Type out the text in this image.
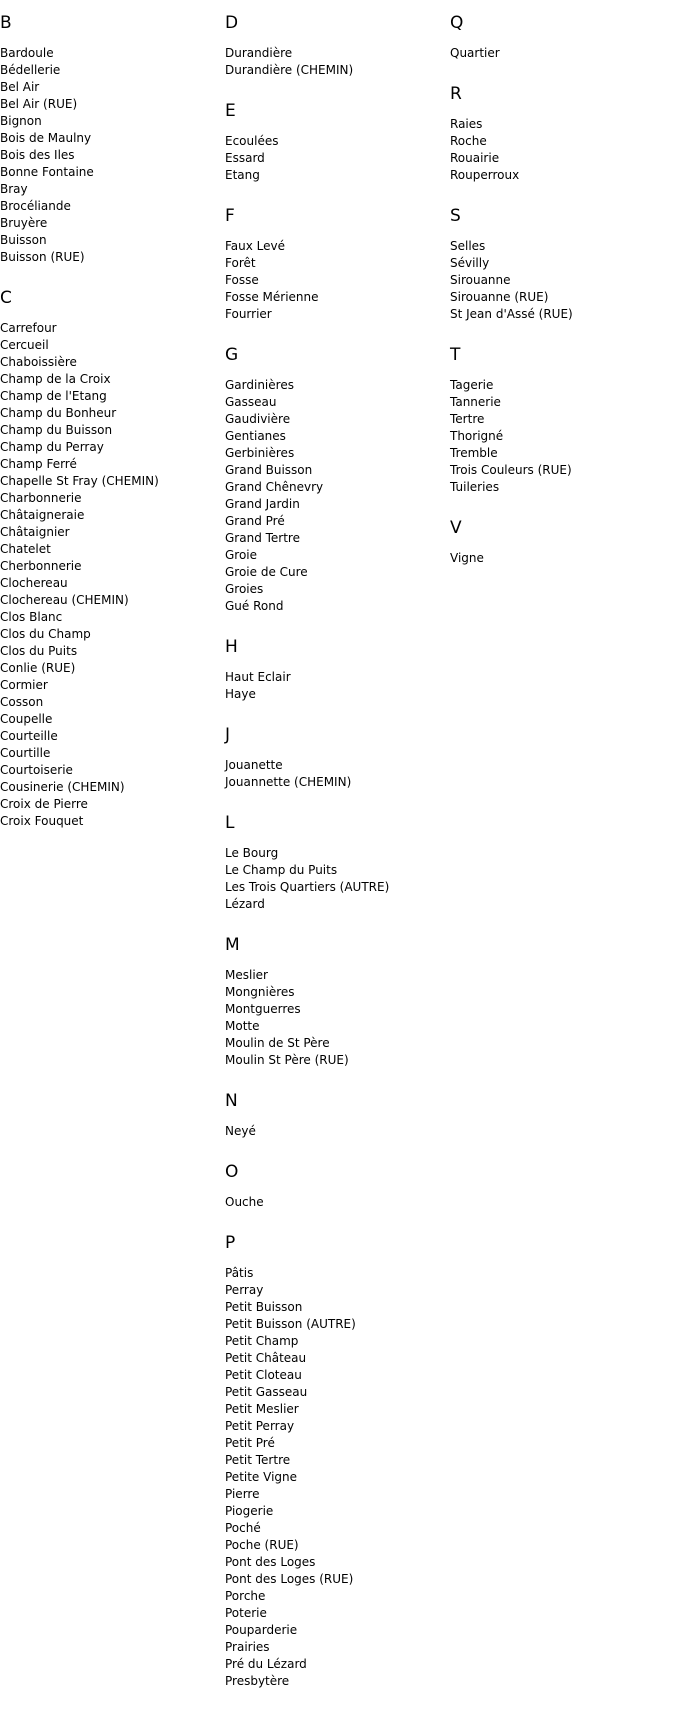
B
Bardoule
Bédellerie
Bel Air
Bel Air (RUE)
Bignon
Bois de Maulny
Bois des Iles
Bonne Fontaine
Bray
Brocéliande
Bruyère
Buisson
Buisson (RUE)
C
Carrefour
Cercueil
Chaboissière
Champ de la Croix
Champ de l'Etang
Champ du Bonheur
Champ du Buisson
Champ du Perray
Champ Ferré
Chapelle St Fray (CHEMIN)
Charbonnerie
Châtaigneraie
Châtaignier
Chatelet
Cherbonnerie
Clochereau
Clochereau (CHEMIN)
Clos Blanc
Clos du Champ
Clos du Puits
Conlie (RUE)
Cormier
Cosson
Coupelle
Courteille
Courtille
Courtoiserie
Cousinerie (CHEMIN)
Croix de Pierre
Croix Fouquet
D
Durandière
Durandière (CHEMIN)
E
Ecoulées
Essard
Etang
F
Faux Levé
Forêt
Fosse
Fosse Mérienne
Fourrier
G
Gardinières
Gasseau
Gaudivière
Gentianes
Gerbinières
Grand Buisson
Grand Chênevry
Grand Jardin
Grand Pré
Grand Tertre
Groie
Groie de Cure
Groies
Gué Rond
H
Haut Eclair
Haye
J
Jouanette
Jouannette (CHEMIN)
L
Le Bourg
Le Champ du Puits
Les Trois Quartiers (AUTRE)
Lézard
M
Meslier
Mongnières
Montguerres
Motte
Moulin de St Père
Moulin St Père (RUE)
N
Neyé
O
Ouche
P
Pâtis
Perray
Petit Buisson
Petit Buisson (AUTRE)
Petit Champ
Petit Château
Petit Cloteau
Petit Gasseau
Petit Meslier
Petit Perray
Petit Pré
Petit Tertre
Petite Vigne
Pierre
Piogerie
Poché
Poche (RUE)
Pont des Loges
Pont des Loges (RUE)
Porche
Poterie
Pouparderie
Prairies
Pré du Lézard
Presbytère
Q
Quartier
R
Raies
Roche
Rouairie
Rouperroux
S
Selles
Sévilly
Sirouanne
Sirouanne (RUE)
St Jean d'Assé (RUE)
T
Tagerie
Tannerie
Tertre
Thorigné
Tremble
Trois Couleurs (RUE)
Tuileries
V
Vigne
